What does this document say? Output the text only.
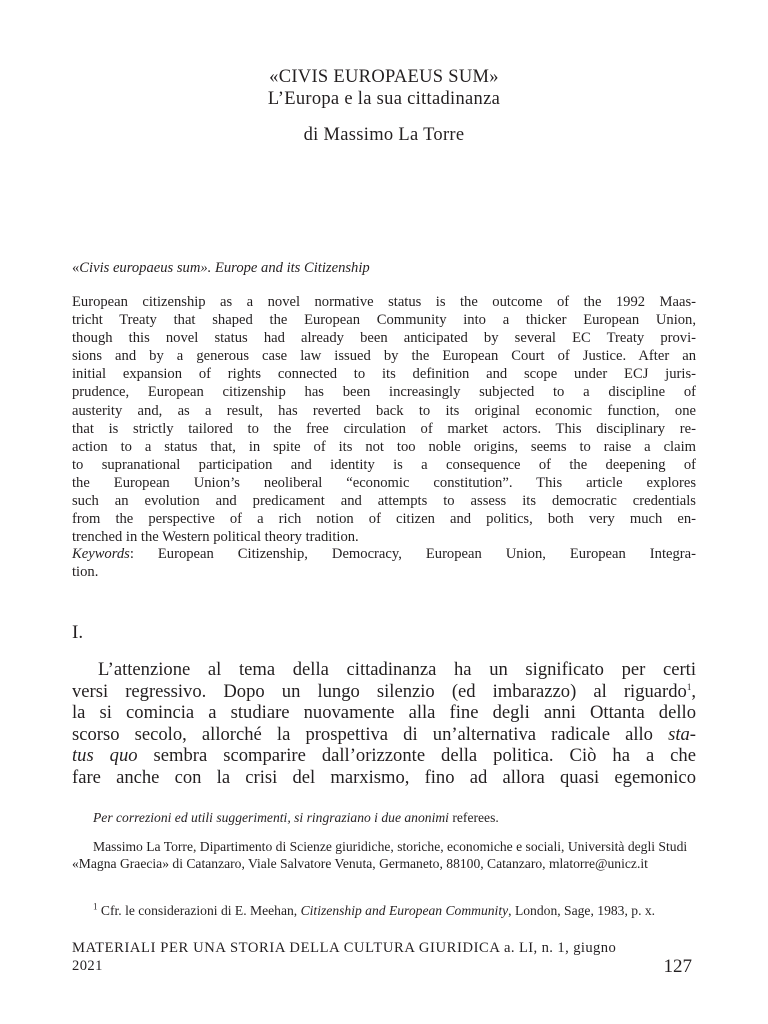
«CIVIS EUROPAEUS SUM»
L’Europa e la sua cittadinanza
di Massimo La Torre
«Civis europaeus sum». Europe and its Citizenship
European citizenship as a novel normative status is the outcome of the 1992 Maas-
tricht Treaty that shaped the European Community into a thicker European Union,
though this novel status had already been anticipated by several EC Treaty provi-
sions and by a generous case law issued by the European Court of Justice. After an
initial expansion of rights connected to its definition and scope under ECJ juris-
prudence, European citizenship has been increasingly subjected to a discipline of
austerity and, as a result, has reverted back to its original economic function, one
that is strictly tailored to the free circulation of market actors. This disciplinary re-
action to a status that, in spite of its not too noble origins, seems to raise a claim
to supranational participation and identity is a consequence of the deepening of
the European Union’s neoliberal “economic constitution”. This article explores
such an evolution and predicament and attempts to assess its democratic credentials
from the perspective of a rich notion of citizen and politics, both very much en-
trenched in the Western political theory tradition.
Keywords: European Citizenship, Democracy, European Union, European Integra-
tion.
I.
L’attenzione al tema della cittadinanza ha un significato per certi
versi regressivo. Dopo un lungo silenzio (ed imbarazzo) al riguardo$^1$,
la si comincia a studiare nuovamente alla fine degli anni Ottanta dello
scorso secolo, allorché la prospettiva di un’alternativa radicale allo sta-
tus quo sembra scomparire dall’orizzonte della politica. Ciò ha a che
fare anche con la crisi del marxismo, fino ad allora quasi egemonico
Per correzioni ed utili suggerimenti, si ringraziano i due anonimi referees.
Massimo La Torre, Dipartimento di Scienze giuridiche, storiche, economiche e sociali, Università degli Studi «Magna Graecia» di Catanzaro, Viale Salvatore Venuta, Germaneto, 88100, Catanzaro, mlatorre@unicz.it
$^1$ Cfr. le considerazioni di E. Meehan, Citizenship and European Community, London, Sage, 1983, p. x.
MATERIALI PER UNA STORIA DELLA CULTURA GIURIDICA a. LI, n. 1, giugno 2021	127
